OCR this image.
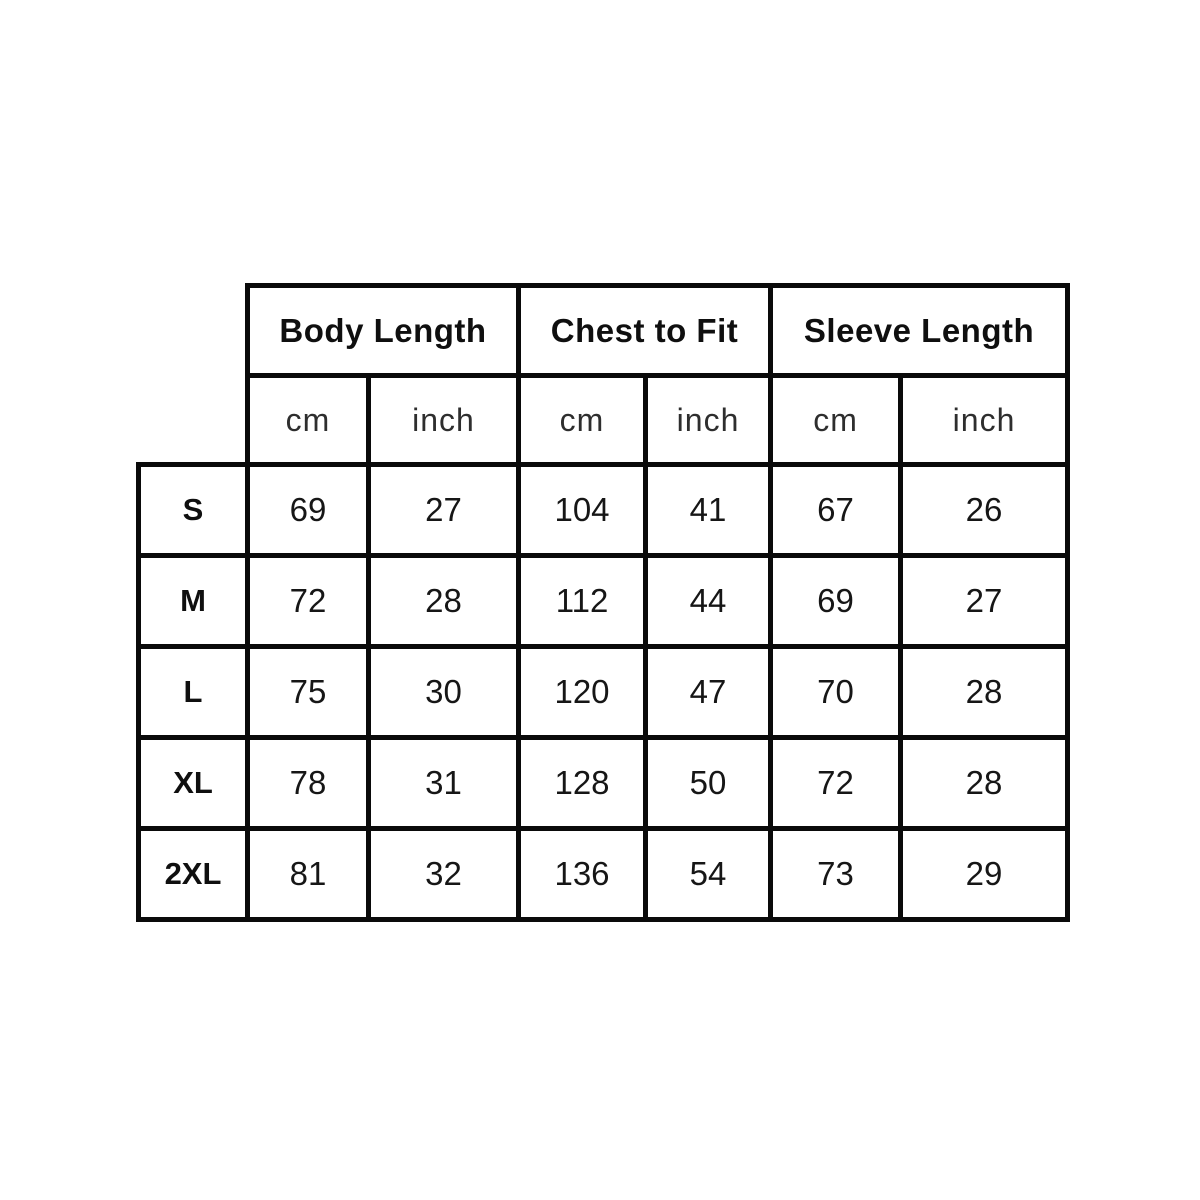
	Body Length		Chest to Fit		Sleeve Length	
	cm	inch	cm	inch	cm	inch
S	69	27	104	41	67	26
M	72	28	112	44	69	27
L	75	30	120	47	70	28
XL	78	31	128	50	72	28
2XL	81	32	136	54	73	29
